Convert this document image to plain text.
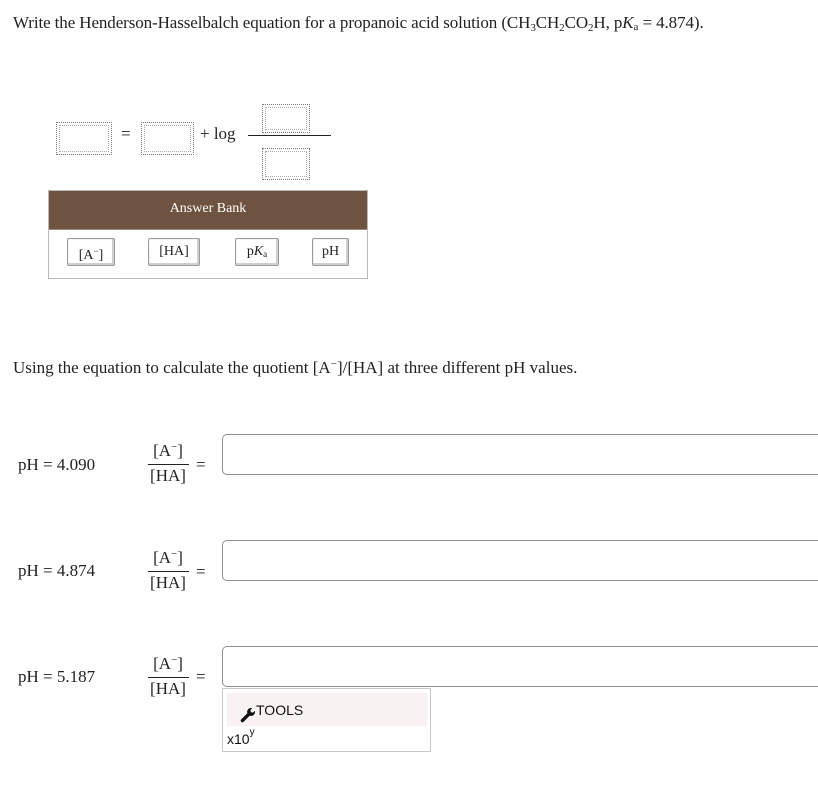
Write the Henderson-Hasselbalch equation for a propanoic acid solution ($CH_3CH_2CO_2H$, pKa = 4.874).
=	+ log
Answer Bank
[A−]	[HA]	$pK_a$	pH
Using the equation to calculate the quotient [A−]/[HA] at three different pH values.
pH = 4.090
[A−]
[HA]
=
pH = 4.874
[A−]
[HA]
=
pH = 5.187
[A−]
[HA]
=
TOOLS
x10$^y$
